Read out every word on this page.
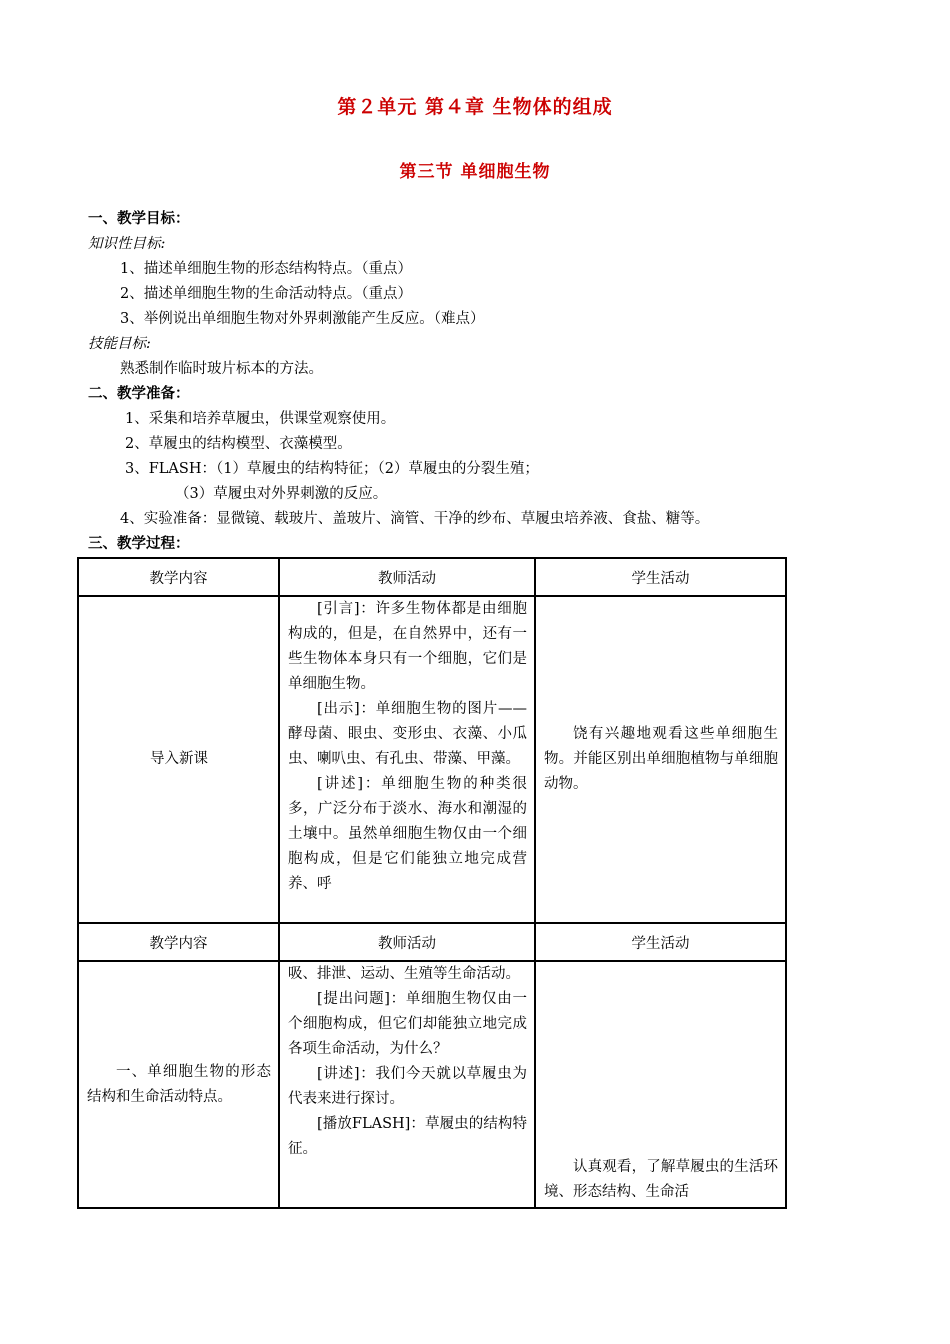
第２单元 第４章 生物体的组成
第三节 单细胞生物
一、教学目标：
知识性目标:
1、描述单细胞生物的形态结构特点。（重点）
2、描述单细胞生物的生命活动特点。（重点）
3、举例说出单细胞生物对外界刺激能产生反应。（难点）
技能目标:
熟悉制作临时玻片标本的方法。
二、教学准备：
1、采集和培养草履虫，供课堂观察使用。
2、草履虫的结构模型、衣藻模型。
3、FLASH：（1）草履虫的结构特征；（2）草履虫的分裂生殖；
（3）草履虫对外界刺激的反应。
4、实验准备：显微镜、载玻片、盖玻片、滴管、干净的纱布、草履虫培养液、食盐、糖等。
三、教学过程：
教学内容	教师活动	学生活动

导入新课	[引言]：许多生物体都是由细胞构成的，但是，在自然界中，还有一些生物体本身只有一个细胞，它们是单细胞生物。

[出示]：单细胞生物的图片——酵母菌、眼虫、变形虫、衣藻、小瓜虫、喇叭虫、有孔虫、带藻、甲藻。

[讲述]：单细胞生物的种类很多，广泛分布于淡水、海水和潮湿的土壤中。虽然单细胞生物仅由一个细胞构成，但是它们能独立地完成营养、呼	饶有兴趣地观看这些单细胞生物。并能区别出单细胞植物与单细胞动物。

教学内容	教师活动	学生活动

一、单细胞生物的形态结构和生命活动特点。	吸、排泄、运动、生殖等生命活动。

[提出问题]：单细胞生物仅由一个细胞构成，但它们却能独立地完成各项生命活动，为什么？

[讲述]：我们今天就以草履虫为代表来进行探讨。

[播放FLASH]：草履虫的结构特征。	认真观看，了解草履虫的生活环境、形态结构、生命活
